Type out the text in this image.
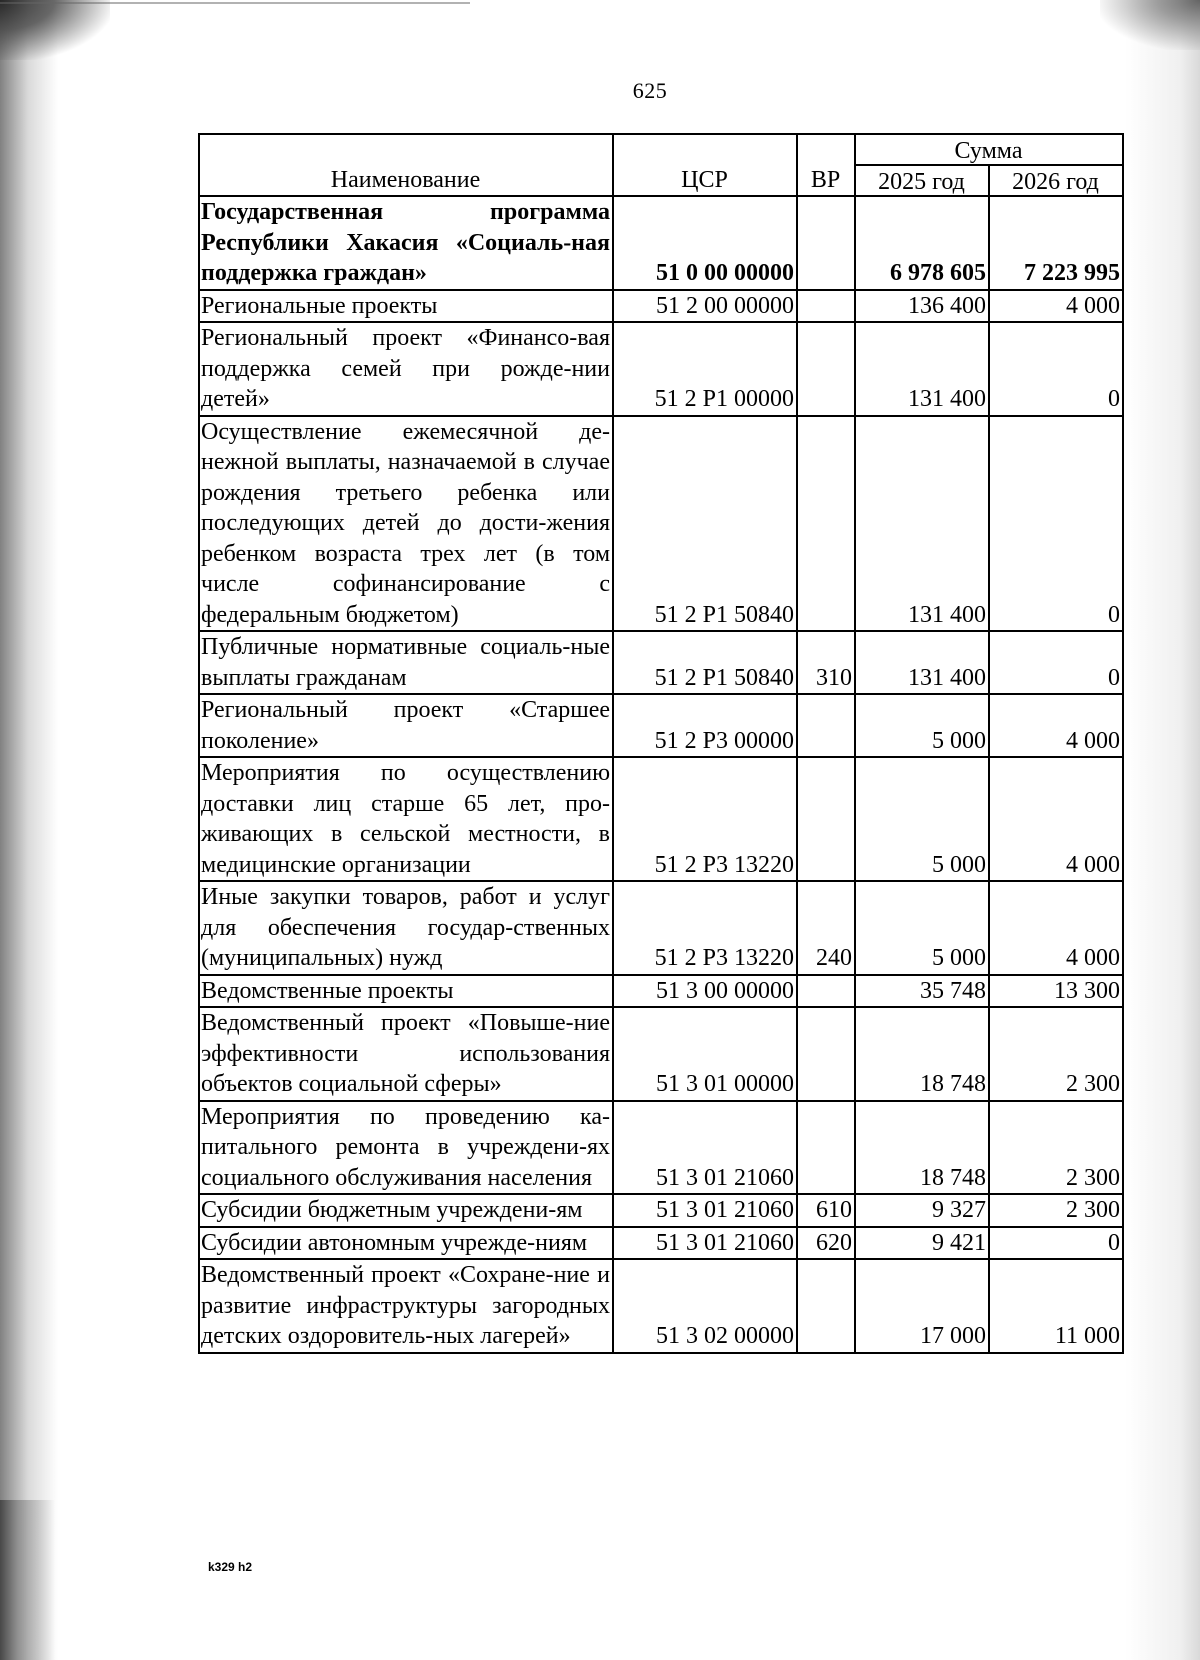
625
Наименование	ЦСР	ВР	Сумма	
			2025 год	2026 год
Государственная программа Республики Хакасия «Социаль-ная поддержка граждан»	51 0 00 00000		6 978 605	7 223 995
Региональные проекты	51 2 00 00000		136 400	4 000
Региональный проект «Финансо-вая поддержка семей при рожде-нии детей»	51 2 P1 00000		131 400	0
Осуществление ежемесячной де-нежной выплаты, назначаемой в случае рождения третьего ребенка или последующих детей до дости-жения ребенком возраста трех лет (в том числе софинансирование с федеральным бюджетом)	51 2 P1 50840		131 400	0
Публичные нормативные социаль-ные выплаты гражданам	51 2 P1 50840	310	131 400	0
Региональный проект «Старшее поколение»	51 2 P3 00000		5 000	4 000
Мероприятия по осуществлению доставки лиц старше 65 лет, про-живающих в сельской местности, в медицинские организации	51 2 P3 13220		5 000	4 000
Иные закупки товаров, работ и услуг для обеспечения государ-ственных (муниципальных) нужд	51 2 P3 13220	240	5 000	4 000
Ведомственные проекты	51 3 00 00000		35 748	13 300
Ведомственный проект «Повыше-ние эффективности использования объектов социальной сферы»	51 3 01 00000		18 748	2 300
Мероприятия по проведению ка-питального ремонта в учреждени-ях социального обслуживания населения	51 3 01 21060		18 748	2 300
Субсидии бюджетным учреждени-ям	51 3 01 21060	610	9 327	2 300
Субсидии автономным учрежде-ниям	51 3 01 21060	620	9 421	0
Ведомственный проект «Сохране-ние и развитие инфраструктуры загородных детских оздоровитель-ных лагерей»	51 3 02 00000		17 000	11 000
k329 h2
